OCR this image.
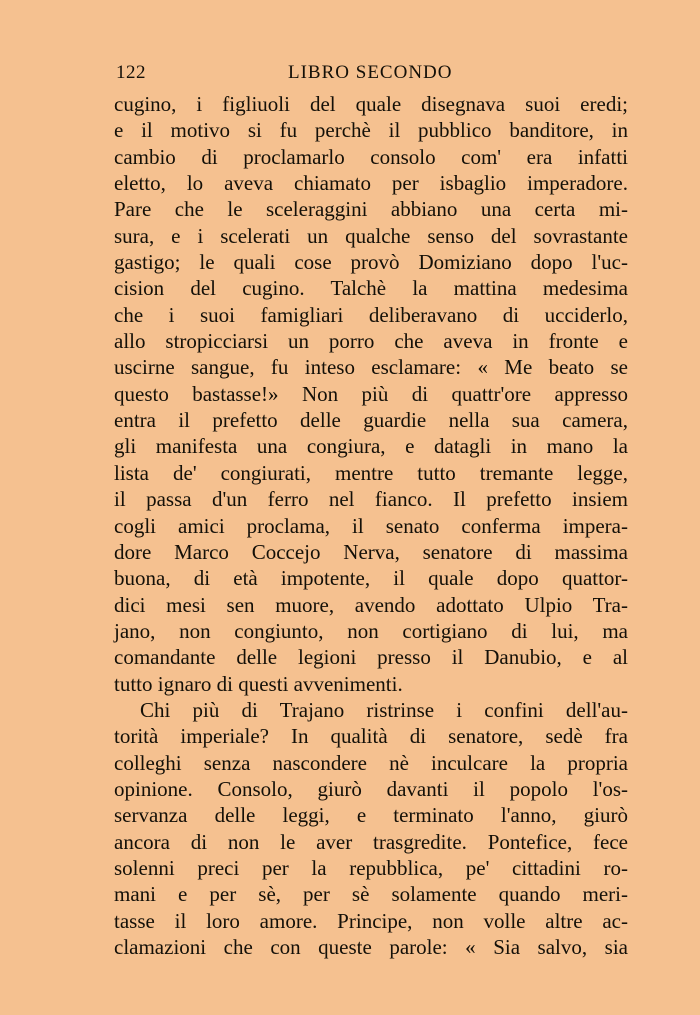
122	LIBRO SECONDO
cugino, i figliuoli del quale disegnava suoi eredi;
e il motivo si fu perchè il pubblico banditore, in
cambio di proclamarlo consolo com' era infatti
eletto, lo aveva chiamato per isbaglio imperadore.
Pare che le sceleraggini abbiano una certa mi-
sura, e i scelerati un qualche senso del sovrastante
gastigo; le quali cose provò Domiziano dopo l'uc-
cision del cugino. Talchè la mattina medesima
che i suoi famigliari deliberavano di ucciderlo,
allo stropicciarsi un porro che aveva in fronte e
uscirne sangue, fu inteso esclamare: « Me beato se
questo bastasse!» Non più di quattr'ore appresso
entra il prefetto delle guardie nella sua camera,
gli manifesta una congiura, e datagli in mano la
lista de' congiurati, mentre tutto tremante legge,
il passa d'un ferro nel fianco. Il prefetto insiem
cogli amici proclama, il senato conferma impera-
dore Marco Coccejo Nerva, senatore di massima
buona, di età impotente, il quale dopo quattor-
dici mesi sen muore, avendo adottato Ulpio Tra-
jano, non congiunto, non cortigiano di lui, ma
comandante delle legioni presso il Danubio, e al
tutto ignaro di questi avvenimenti.
Chi più di Trajano ristrinse i confini dell'au-
torità imperiale? In qualità di senatore, sedè fra
colleghi senza nascondere nè inculcare la propria
opinione. Consolo, giurò davanti il popolo l'os-
servanza delle leggi, e terminato l'anno, giurò
ancora di non le aver trasgredite. Pontefice, fece
solenni preci per la repubblica, pe' cittadini ro-
mani e per sè, per sè solamente quando meri-
tasse il loro amore. Principe, non volle altre ac-
clamazioni che con queste parole: « Sia salvo, sia
